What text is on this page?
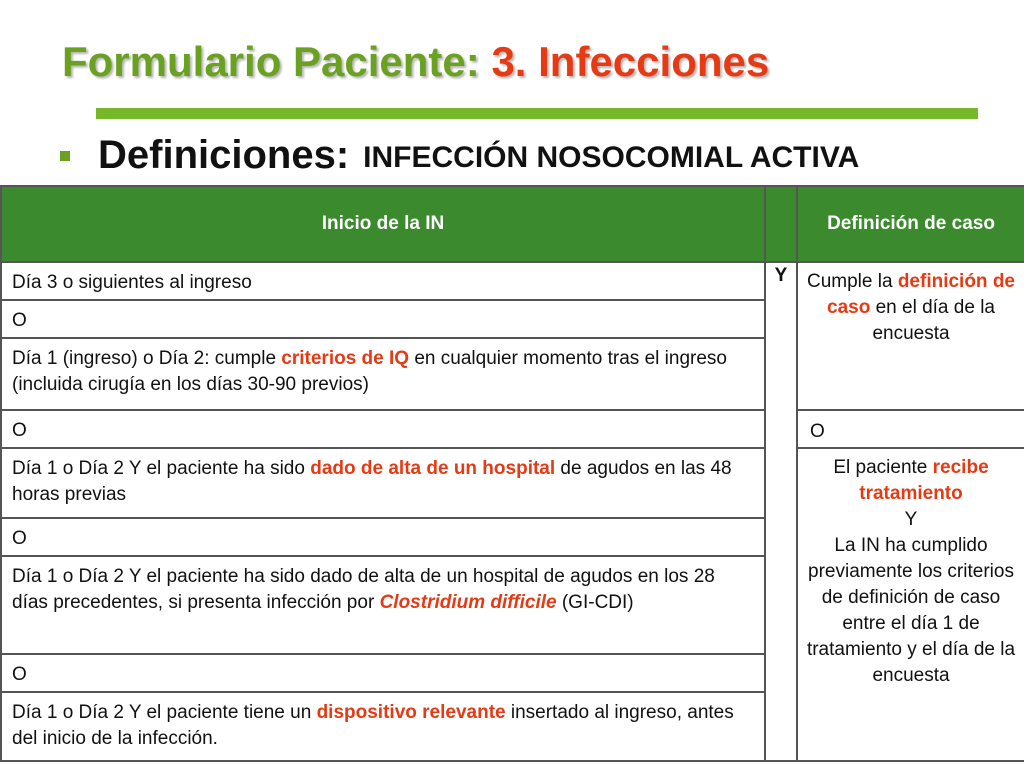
Formulario Paciente: 3. Infecciones
Definiciones: INFECCIÓN NOSOCOMIAL ACTIVA
Inicio de la IN		Definición de caso
Día 3 o siguientes al ingreso	Y	Cumple la definición de caso en el día de la encuesta
O		
Día 1 (ingreso) o Día 2: cumple criterios de IQ en cualquier momento tras el ingreso (incluida cirugía en los días 30-90 previos)		
O		O
Día 1 o Día 2 Y el paciente ha sido dado de alta de un hospital de agudos en las 48 horas previas		El paciente recibe tratamiento
Y
La IN ha cumplido previamente los criterios de definición de caso entre el día 1 de tratamiento y el día de la encuesta

O		
Día 1 o Día 2 Y el paciente ha sido dado de alta de un hospital de agudos en los 28 días precedentes, si presenta infección por Clostridium difficile (GI-CDI)		
O		
Día 1 o Día 2 Y el paciente tiene un dispositivo relevante insertado al ingreso, antes del inicio de la infección.		
